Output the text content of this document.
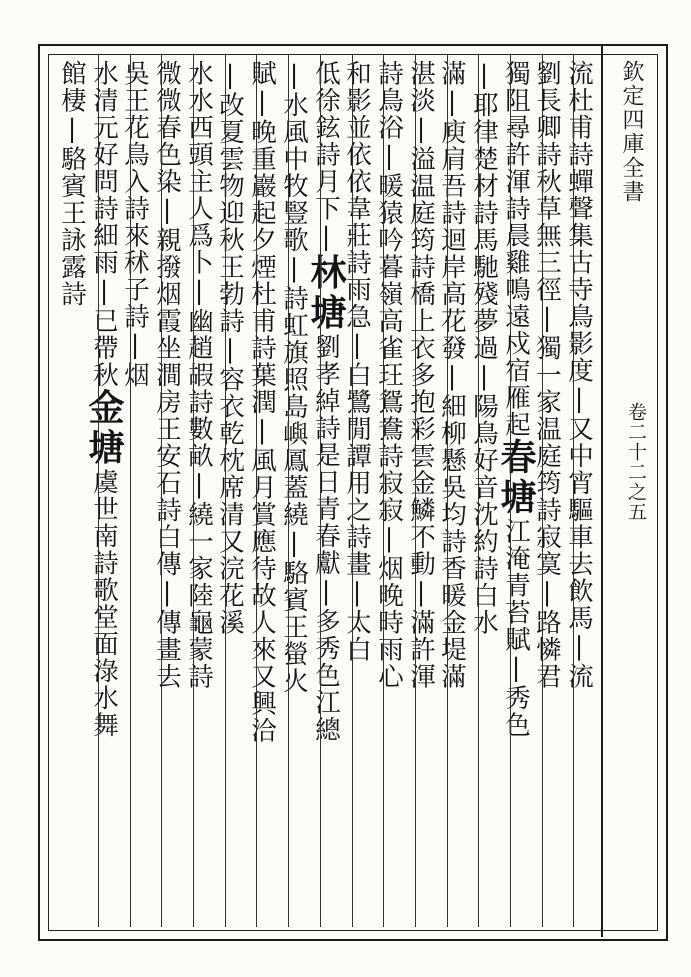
欽定四庫全書
卷二十二之五
流杜甫詩蟬聲集古寺鳥影度|又中宵驅車去飲馬|流
劉長卿詩秋草無三徑|獨一家温庭筠詩寂寞|路憐君
獨阻尋許渾詩晨雞鳴遠戍宿雁起春塘江淹青苔賦|秀色
|耶律楚材詩馬馳殘夢過|陽鳥好音沈約詩白水
滿|庾肩吾詩迴岸高花發|細柳懸吳均詩香暖金堤滿
湛淡|溢温庭筠詩橋上衣多抱彩雲金鱗不動|滿許渾
詩鳥浴|暖猿吟暮嶺高雀玨鴛鴦詩寂寂|烟晚時雨心
和影並依依韋莊詩雨急|白鷺閒譚用之詩畫|太白
低徐鉉詩月下|林塘劉孝綽詩是日青春獻|多秀色江總
|水風中牧豎歌|詩虹旗照島嶼鳳蓋繞|駱賓王螢火
賦|晚重巖起夕煙杜甫詩葉潤|風月賞應待故人來又興洽
|改夏雲物迎秋王勃詩|容衣乾枕席清又浣花溪
水水西頭主人爲卜|幽趙嘏詩數畝|繞一家陸龜蒙詩
微微春色染|親撥烟霞坐澗房王安石詩白傳|傳畫去
吳王花鳥入詩來秫子詩|烟
水清元好問詩細雨|已帶秋金塘虞世南詩歌堂面淥水舞
館棲|駱賓王詠露詩
